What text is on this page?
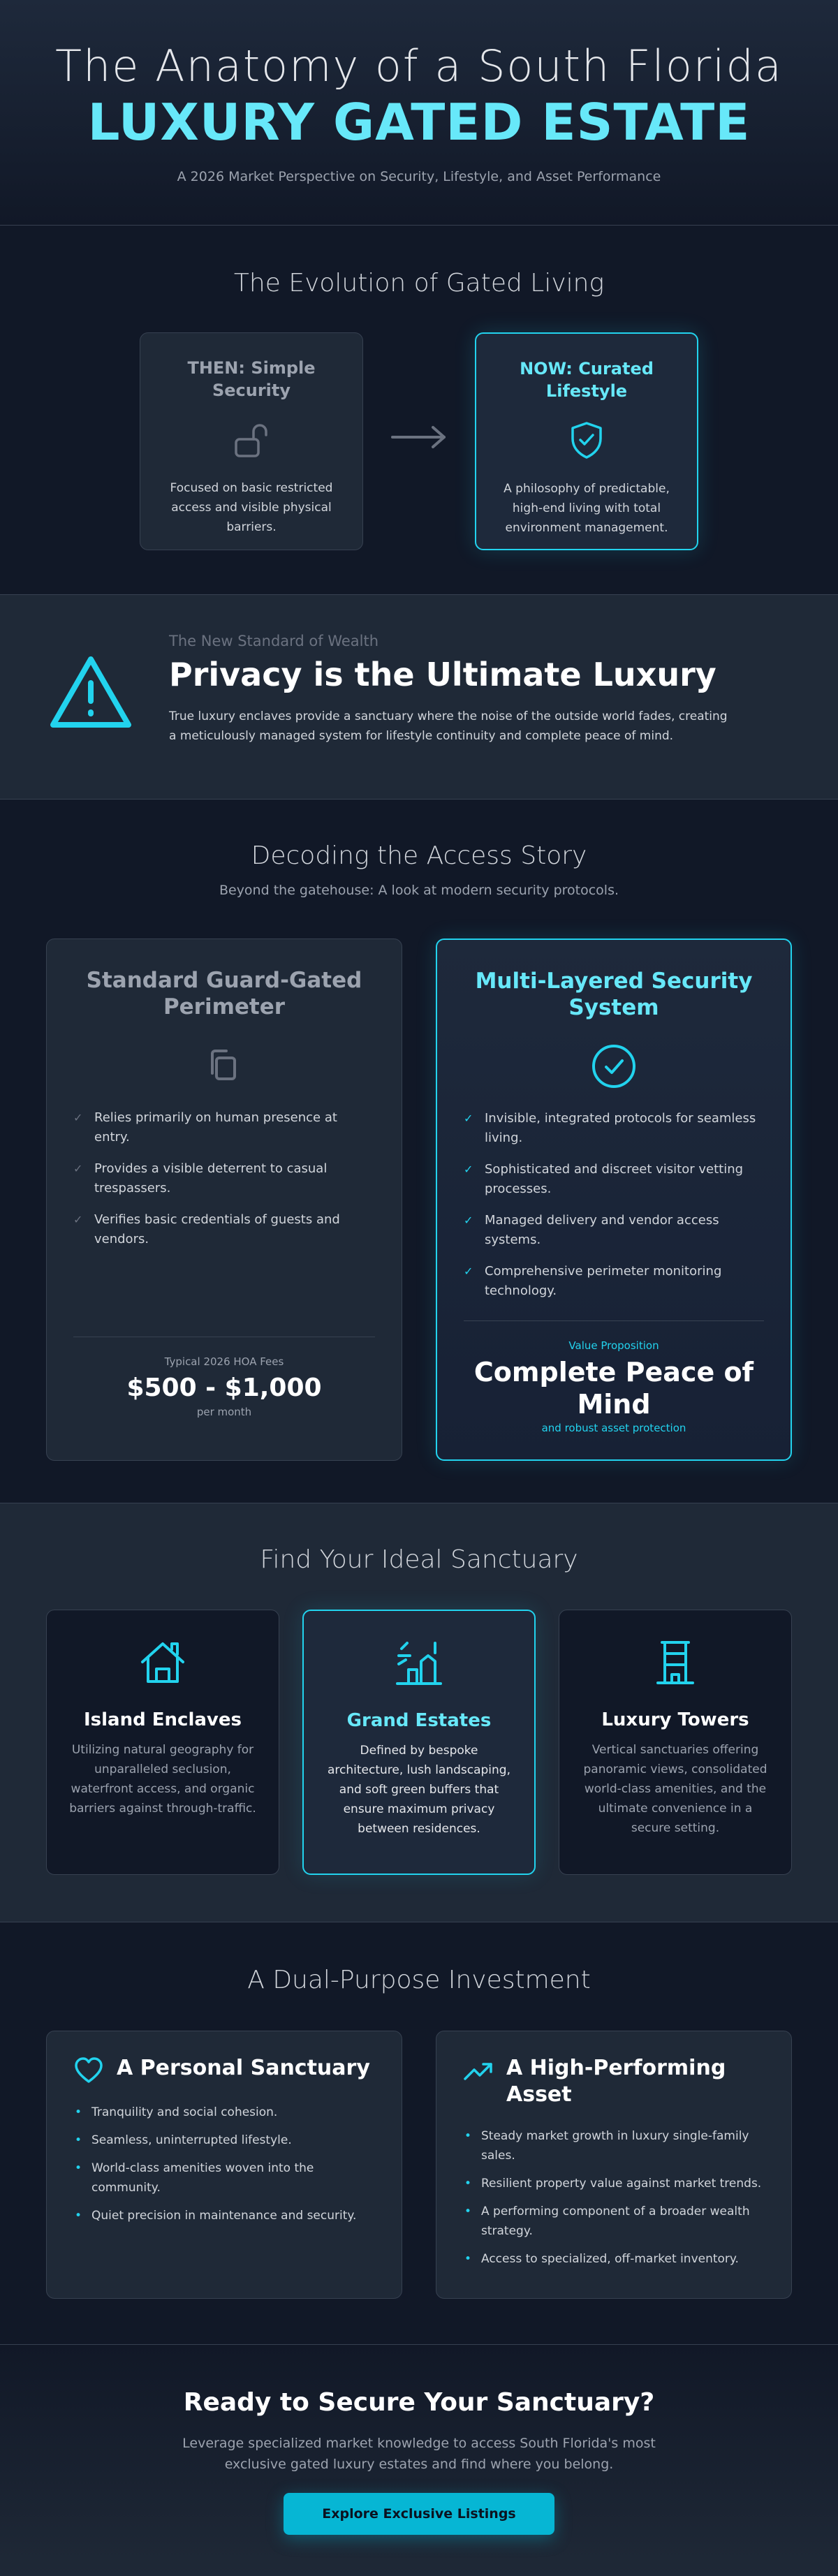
The Anatomy of a South Florida
LUXURY GATED ESTATE
A 2026 Market Perspective on Security, Lifestyle, and Asset Performance
The Evolution of Gated Living
THEN: Simple Security
Focused on basic restricted access and visible physical barriers.
NOW: Curated Lifestyle
A philosophy of predictable, high-end living with total environment management.
The New Standard of Wealth
Privacy is the Ultimate Luxury
True luxury enclaves provide a sanctuary where the noise of the outside world fades, creating a meticulously managed system for lifestyle continuity and complete peace of mind.
Decoding the Access Story
Beyond the gatehouse: A look at modern security protocols.
Standard Guard-Gated Perimeter
✓ Relies primarily on human presence at entry.
✓ Provides a visible deterrent to casual trespassers.
✓ Verifies basic credentials of guests and vendors.
Typical 2026 HOA Fees
$500 - $1,000
per month
Multi-Layered Security System
✓ Invisible, integrated protocols for seamless living.
✓ Sophisticated and discreet visitor vetting processes.
✓ Managed delivery and vendor access systems.
✓ Comprehensive perimeter monitoring technology.
Value Proposition
Complete Peace of Mind
and robust asset protection
Find Your Ideal Sanctuary
Island Enclaves
Utilizing natural geography for unparalleled seclusion, waterfront access, and organic barriers against through-traffic.
Grand Estates
Defined by bespoke architecture, lush landscaping, and soft green buffers that ensure maximum privacy between residences.
Luxury Towers
Vertical sanctuaries offering panoramic views, consolidated world-class amenities, and the ultimate convenience in a secure setting.
A Dual-Purpose Investment
A Personal Sanctuary
• Tranquility and social cohesion.
• Seamless, uninterrupted lifestyle.
• World-class amenities woven into the community.
• Quiet precision in maintenance and security.
A High-Performing Asset
• Steady market growth in luxury single-family sales.
• Resilient property value against market trends.
• A performing component of a broader wealth strategy.
• Access to specialized, off-market inventory.
Ready to Secure Your Sanctuary?
Leverage specialized market knowledge to access South Florida's most exclusive gated luxury estates and find where you belong.
Explore Exclusive Listings
